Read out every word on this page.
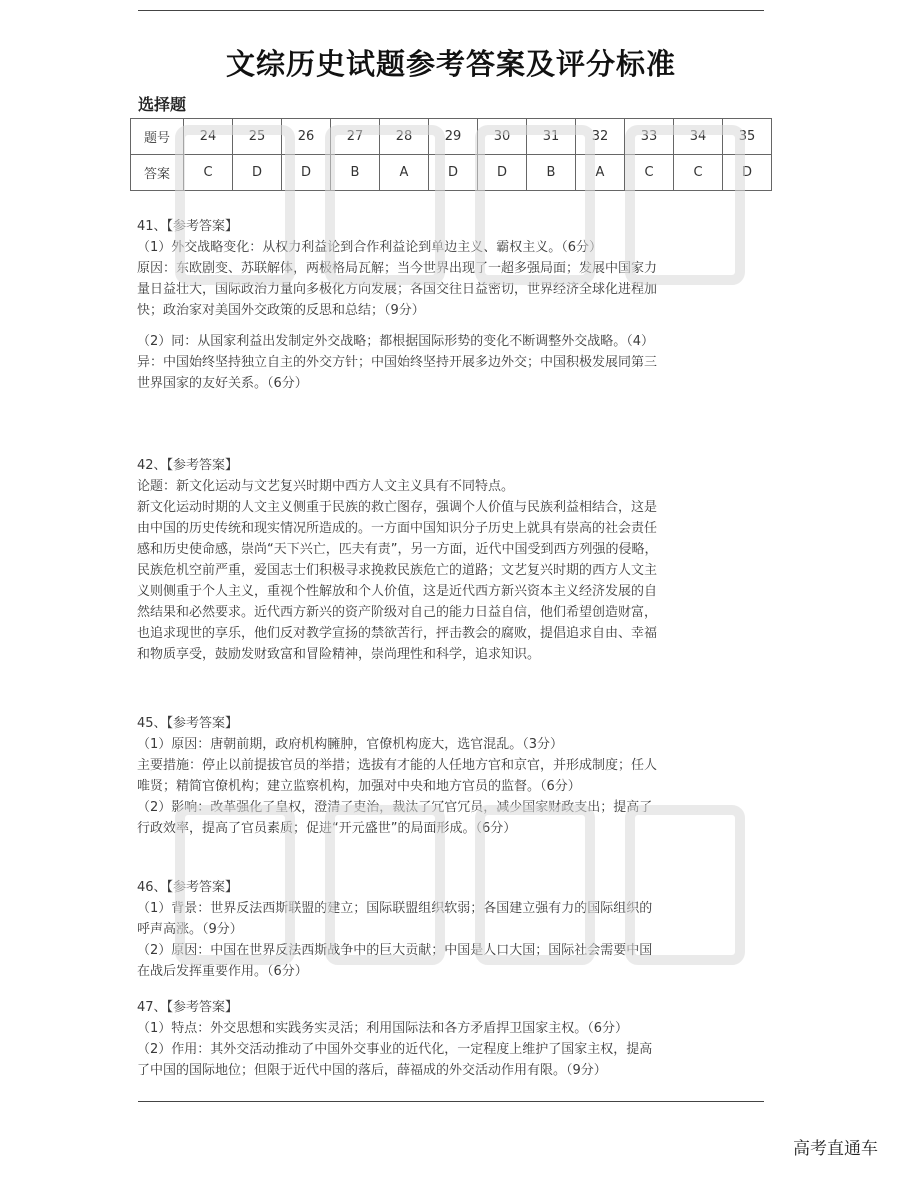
文综历史试题参考答案及评分标准
选择题
题号	24	25	26	27	28	29	30	31	32	33	34	35
答案	C	D	D	B	A	D	D	B	A	C	C	D

41、【参考答案】

（1）外交战略变化：从权力利益论到合作利益论到单边主义、霸权主义。（6分）

原因：东欧剧变、苏联解体，两极格局瓦解；当今世界出现了一超多强局面；发展中国家力

量日益壮大，国际政治力量向多极化方向发展；各国交往日益密切，世界经济全球化进程加

快；政治家对美国外交政策的反思和总结；（9分）

（2）同：从国家利益出发制定外交战略；都根据国际形势的变化不断调整外交战略。（4）

异：中国始终坚持独立自主的外交方针；中国始终坚持开展多边外交；中国积极发展同第三

世界国家的友好关系。（6分）

42、【参考答案】

论题：新文化运动与文艺复兴时期中西方人文主义具有不同特点。

新文化运动时期的人文主义侧重于民族的救亡图存，强调个人价值与民族利益相结合，这是

由中国的历史传统和现实情况所造成的。一方面中国知识分子历史上就具有崇高的社会责任

感和历史使命感，崇尚“天下兴亡，匹夫有责”，另一方面，近代中国受到西方列强的侵略，

民族危机空前严重，爱国志士们积极寻求挽救民族危亡的道路；文艺复兴时期的西方人文主

义则侧重于个人主义，重视个性解放和个人价值，这是近代西方新兴资本主义经济发展的自

然结果和必然要求。近代西方新兴的资产阶级对自己的能力日益自信，他们希望创造财富，

也追求现世的享乐，他们反对教学宣扬的禁欲苦行，抨击教会的腐败，提倡追求自由、幸福

和物质享受，鼓励发财致富和冒险精神，崇尚理性和科学，追求知识。

45、【参考答案】

（1）原因：唐朝前期，政府机构臃肿，官僚机构庞大，选官混乱。（3分）

主要措施：停止以前提拔官员的举措；选拔有才能的人任地方官和京官，并形成制度；任人

唯贤；精简官僚机构；建立监察机构，加强对中央和地方官员的监督。（6分）

（2）影响：改革强化了皇权，澄清了吏治，裁汰了冗官冗员，减少国家财政支出；提高了

行政效率，提高了官员素质；促进“开元盛世”的局面形成。（6分）

46、【参考答案】

（1）背景：世界反法西斯联盟的建立；国际联盟组织软弱；各国建立强有力的国际组织的

呼声高涨。（9分）

（2）原因：中国在世界反法西斯战争中的巨大贡献；中国是人口大国；国际社会需要中国

在战后发挥重要作用。（6分）

47、【参考答案】

（1）特点：外交思想和实践务实灵活；利用国际法和各方矛盾捍卫国家主权。（6分）

（2）作用：其外交活动推动了中国外交事业的近代化，一定程度上维护了国家主权，提高

了中国的国际地位；但限于近代中国的落后，薛福成的外交活动作用有限。（9分）

高考直通车
